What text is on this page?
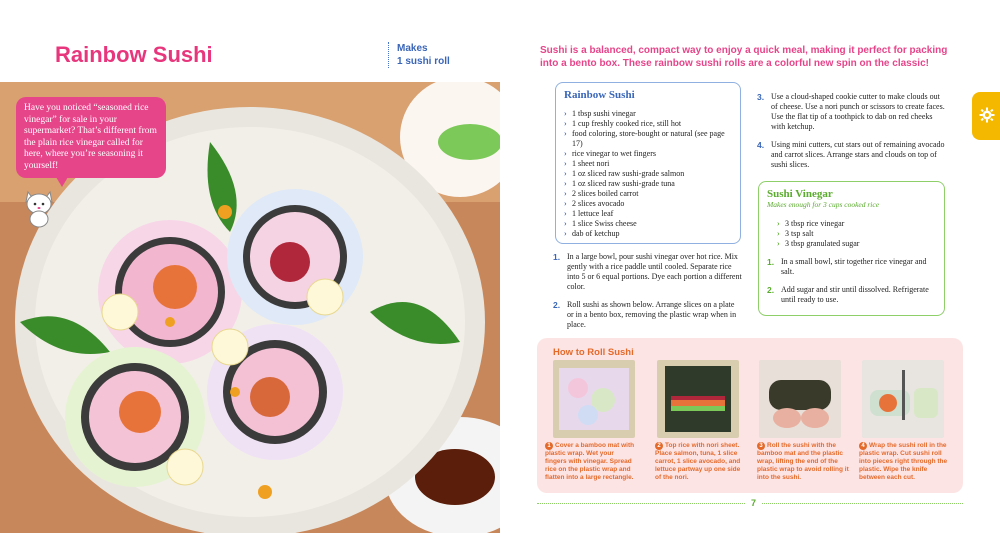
Rainbow Sushi	Makes
1 sushi roll
Have you noticed “seasoned rice vinegar” for sale in your supermarket? That’s different from the plain rice vinegar called for here, where you’re seasoning it yourself!
Sushi is a balanced, compact way to enjoy a quick meal, making it perfect for packing into a bento box. These rainbow sushi rolls are a colorful new spin on the classic!
Rainbow Sushi
› 1 tbsp sushi vinegar
› 1 cup freshly cooked rice, still hot
› food coloring, store-bought or natural (see page 17)
› rice vinegar to wet fingers
› 1 sheet nori
› 1 oz sliced raw sushi-grade salmon
› 1 oz sliced raw sushi-grade tuna
› 2 slices boiled carrot
› 2 slices avocado
› 1 lettuce leaf
› 1 slice Swiss cheese
› dab of ketchup
1. In a large bowl, pour sushi vinegar over hot rice. Mix gently with a rice paddle until cooled. Separate rice into 5 or 6 equal portions. Dye each portion a different color.
2. Roll sushi as shown below. Arrange slices on a plate or in a bento box, removing the plastic wrap when in place.
3. Use a cloud-shaped cookie cutter to make clouds out of cheese. Use a nori punch or scissors to create faces. Use the flat tip of a toothpick to dab on red cheeks with ketchup.
4. Using mini cutters, cut stars out of remaining avocado and carrot slices. Arrange stars and clouds on top of sushi slices.
Sushi Vinegar
Makes enough for 3 cups cooked rice
› 3 tbsp rice vinegar
› 3 tsp salt
› 3 tbsp granulated sugar
1. In a small bowl, stir together rice vinegar and salt.
2. Add sugar and stir until dissolved. Refrigerate until ready to use.
How to Roll Sushi
1 Cover a bamboo mat with plastic wrap. Wet your fingers with vinegar. Spread rice on the plastic wrap and flatten into a large rectangle.
2 Top rice with nori sheet. Place salmon, tuna, 1 slice carrot, 1 slice avocado, and lettuce partway up one side of the nori.
3 Roll the sushi with the bamboo mat and the plastic wrap, lifting the end of the plastic wrap to avoid rolling it into the sushi.
4 Wrap the sushi roll in the plastic wrap. Cut sushi roll into pieces right through the plastic. Wipe the knife between each cut.
7
